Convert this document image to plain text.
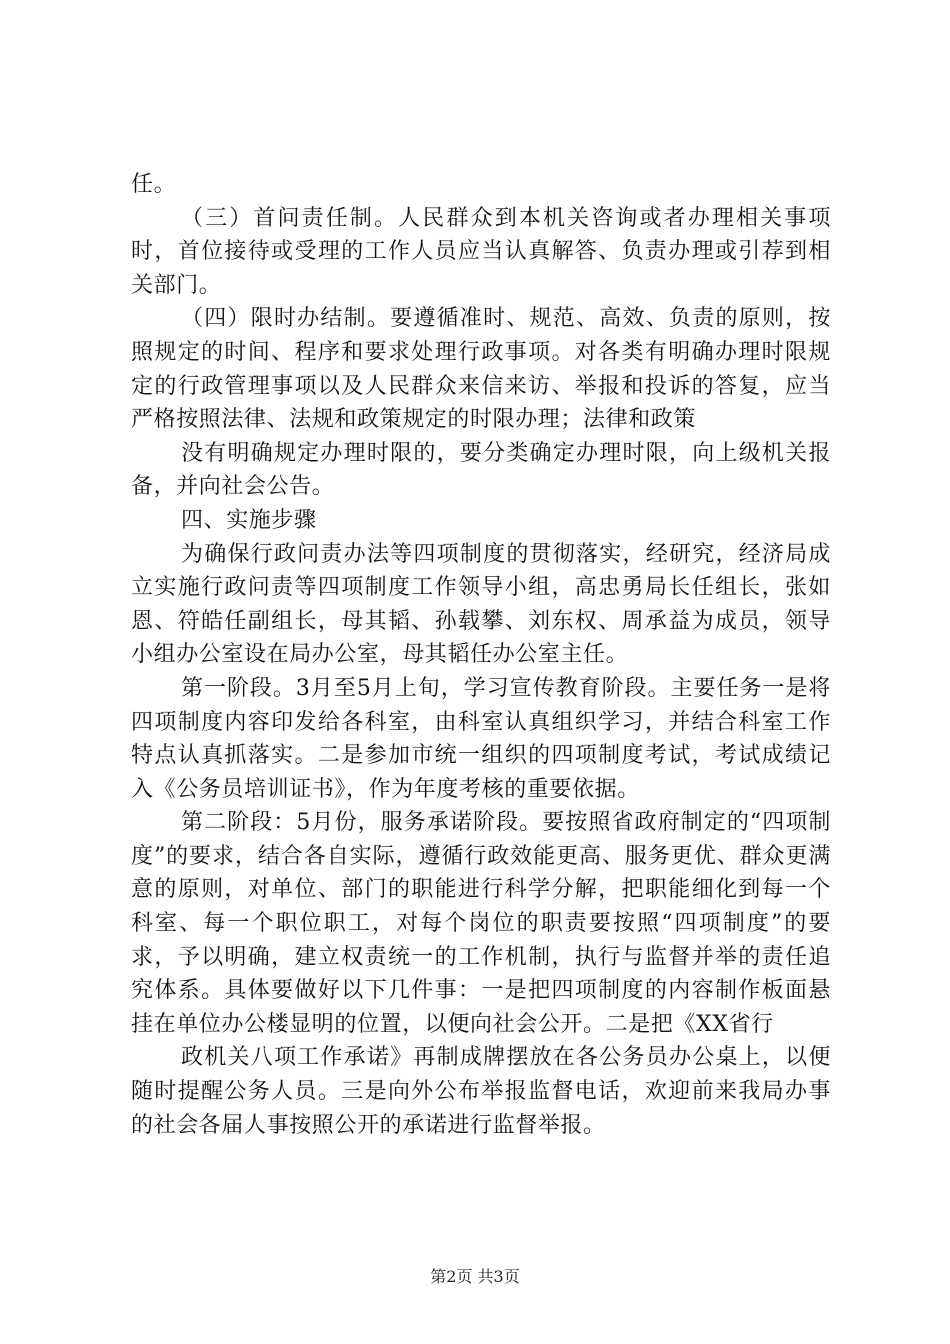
任。

（三）首问责任制。人民群众到本机关咨询或者办理相关事项时，首位接待或受理的工作人员应当认真解答、负责办理或引荐到相关部门。

（四）限时办结制。要遵循准时、规范、高效、负责的原则，按照规定的时间、程序和要求处理行政事项。对各类有明确办理时限规定的行政管理事项以及人民群众来信来访、举报和投诉的答复，应当严格按照法律、法规和政策规定的时限办理；法律和政策

没有明确规定办理时限的，要分类确定办理时限，向上级机关报备，并向社会公告。

四、实施步骤

为确保行政问责办法等四项制度的贯彻落实，经研究，经济局成立实施行政问责等四项制度工作领导小组，高忠勇局长任组长，张如恩、符皓任副组长，母其韬、孙载攀、刘东权、周承益为成员，领导小组办公室设在局办公室，母其韬任办公室主任。

第一阶段。3月至5月上旬，学习宣传教育阶段。主要任务一是将四项制度内容印发给各科室，由科室认真组织学习，并结合科室工作特点认真抓落实。二是参加市统一组织的四项制度考试，考试成绩记入《公务员培训证书》，作为年度考核的重要依据。

第二阶段：5月份，服务承诺阶段。要按照省政府制定的“四项制度”的要求，结合各自实际，遵循行政效能更高、服务更优、群众更满意的原则，对单位、部门的职能进行科学分解，把职能细化到每一个科室、每一个职位职工，对每个岗位的职责要按照“四项制度”的要求，予以明确，建立权责统一的工作机制，执行与监督并举的责任追究体系。具体要做好以下几件事：一是把四项制度的内容制作板面悬挂在单位办公楼显明的位置，以便向社会公开。二是把《XX省行

政机关八项工作承诺》再制成牌摆放在各公务员办公桌上，以便随时提醒公务人员。三是向外公布举报监督电话，欢迎前来我局办事的社会各届人事按照公开的承诺进行监督举报。

第2页 共3页
